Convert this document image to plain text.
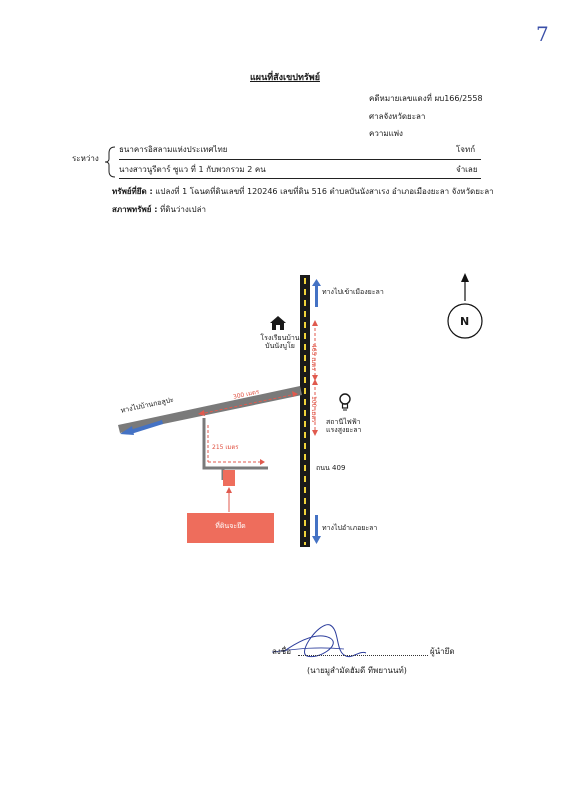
7
แผนที่สังเขปทรัพย์
คดีหมายเลขแดงที่ ผบ166/2558
ศาลจังหวัดยะลา
ความแพ่ง
ระหว่าง
ธนาคารอิสลามแห่งประเทศไทย	โจทก์
นางสาวนูรีตาร์ ซูแว ที่ 1 กับพวกรวม 2 คน	จำเลย
ทรัพย์ที่ยึด : แปลงที่ 1 โฉนดที่ดินเลขที่ 120246 เลขที่ดิน 516 ตำบลบันนังสาเรง อำเภอเมืองยะลา จังหวัดยะลา
สภาพทรัพย์ : ที่ดินว่างเปล่า
N
ทางไปเข้าเมืองยะลา
ทางไปอำเภอยะลา
ทางไปบ้านกอลูปะ
โรงเรียนบ้าน
บันนังบูโย
สถานีไฟฟ้า
แรงสูงยะลา
ถนน 409
300 เมตร
215 เมตร
465 เมตร
100 เมตร
ที่ดินจะยึด
ลงชื่อ	ผู้นำยึด
(นายมูสำมัดฮัมดี ทีพยานนท์)
